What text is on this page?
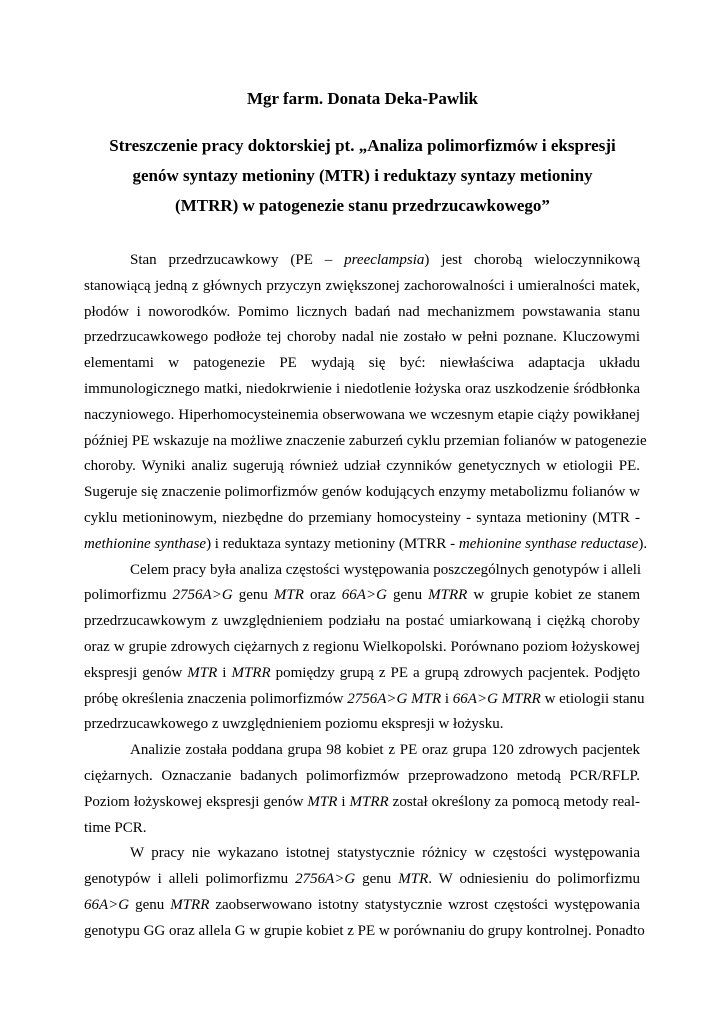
Mgr farm. Donata Deka-Pawlik
Streszczenie pracy doktorskiej pt. „Analiza polimorfizmów i ekspresji
genów syntazy metioniny (MTR) i reduktazy syntazy metioniny
(MTRR) w patogenezie stanu przedrzucawkowego”
Stan przedrzucawkowy (PE – preeclampsia) jest chorobą wieloczynnikową
stanowiącą jedną z głównych przyczyn zwiększonej zachorowalności i umieralności matek,
płodów i noworodków. Pomimo licznych badań nad mechanizmem powstawania stanu
przedrzucawkowego podłoże tej choroby nadal nie zostało w pełni poznane. Kluczowymi
elementami w patogenezie PE wydają się być: niewłaściwa adaptacja układu
immunologicznego matki, niedokrwienie i niedotlenie łożyska oraz uszkodzenie śródbłonka
naczyniowego. Hiperhomocysteinemia obserwowana we wczesnym etapie ciąży powikłanej
później PE wskazuje na możliwe znaczenie zaburzeń cyklu przemian folianów w patogenezie
choroby. Wyniki analiz sugerują również udział czynników genetycznych w etiologii PE.
Sugeruje się znaczenie polimorfizmów genów kodujących enzymy metabolizmu folianów w
cyklu metioninowym, niezbędne do przemiany homocysteiny - syntaza metioniny (MTR -
methionine synthase) i reduktaza syntazy metioniny (MTRR - mehionine synthase reductase).
Celem pracy była analiza częstości występowania poszczególnych genotypów i alleli
polimorfizmu 2756A>G genu MTR oraz 66A>G genu MTRR w grupie kobiet ze stanem
przedrzucawkowym z uwzględnieniem podziału na postać umiarkowaną i ciężką choroby
oraz w grupie zdrowych ciężarnych z regionu Wielkopolski. Porównano poziom łożyskowej
ekspresji genów MTR i MTRR pomiędzy grupą z PE a grupą zdrowych pacjentek. Podjęto
próbę określenia znaczenia polimorfizmów 2756A>G MTR i 66A>G MTRR w etiologii stanu
przedrzucawkowego z uwzględnieniem poziomu ekspresji w łożysku.
Analizie została poddana grupa 98 kobiet z PE oraz grupa 120 zdrowych pacjentek
ciężarnych. Oznaczanie badanych polimorfizmów przeprowadzono metodą PCR/RFLP.
Poziom łożyskowej ekspresji genów MTR i MTRR został określony za pomocą metody real-
time PCR.
W pracy nie wykazano istotnej statystycznie różnicy w częstości występowania
genotypów i alleli polimorfizmu 2756A>G genu MTR. W odniesieniu do polimorfizmu
66A>G genu MTRR zaobserwowano istotny statystycznie wzrost częstości występowania
genotypu GG oraz allela G w grupie kobiet z PE w porównaniu do grupy kontrolnej. Ponadto
